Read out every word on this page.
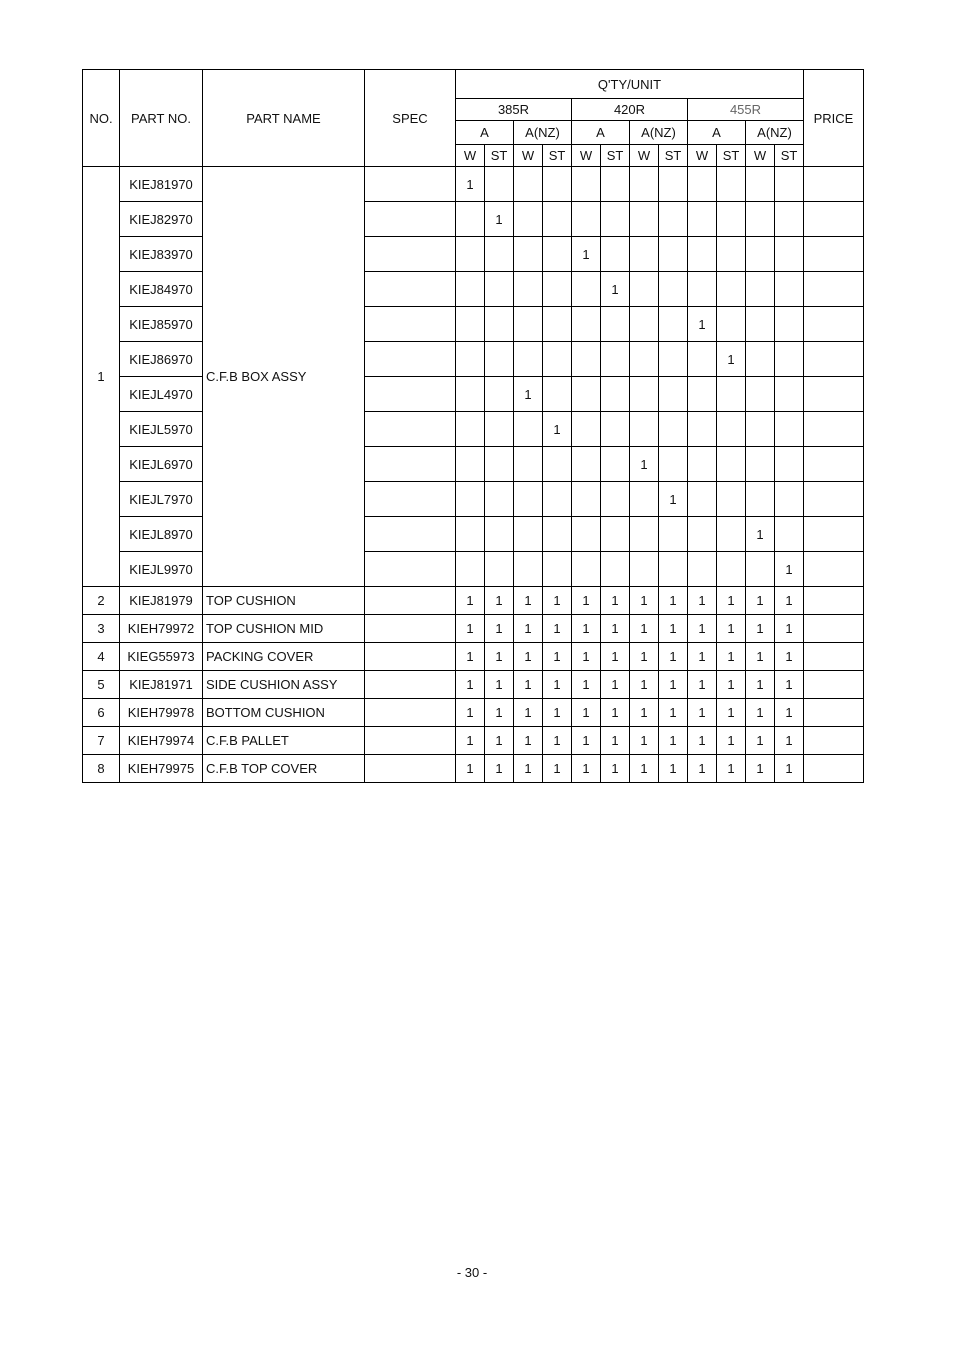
NO.	PART NO.	PART NAME	SPEC	Q'TY/UNIT												PRICE
				385R				420R				455R				
				A		A(NZ)		A		A(NZ)		A		A(NZ)		
				W	ST	W	ST	W	ST	W	ST	W	ST	W	ST	
1	KIEJ81970	C.F.B BOX ASSY		1												
	KIEJ82970				1											
	KIEJ83970							1								
	KIEJ84970								1							
	KIEJ85970											1				
	KIEJ86970												1			
	KIEJL4970					1										
	KIEJL5970						1									
	KIEJL6970									1						
	KIEJL7970										1					
	KIEJL8970													1		
	KIEJL9970														1	
2	KIEJ81979	TOP CUSHION		1	1	1	1	1	1	1	1	1	1	1	1	
3	KIEH79972	TOP CUSHION MID		1	1	1	1	1	1	1	1	1	1	1	1	
4	KIEG55973	PACKING COVER		1	1	1	1	1	1	1	1	1	1	1	1	
5	KIEJ81971	SIDE CUSHION ASSY		1	1	1	1	1	1	1	1	1	1	1	1	
6	KIEH79978	BOTTOM CUSHION		1	1	1	1	1	1	1	1	1	1	1	1	
7	KIEH79974	C.F.B PALLET		1	1	1	1	1	1	1	1	1	1	1	1	
8	KIEH79975	C.F.B TOP COVER		1	1	1	1	1	1	1	1	1	1	1	1	
- 30 -
